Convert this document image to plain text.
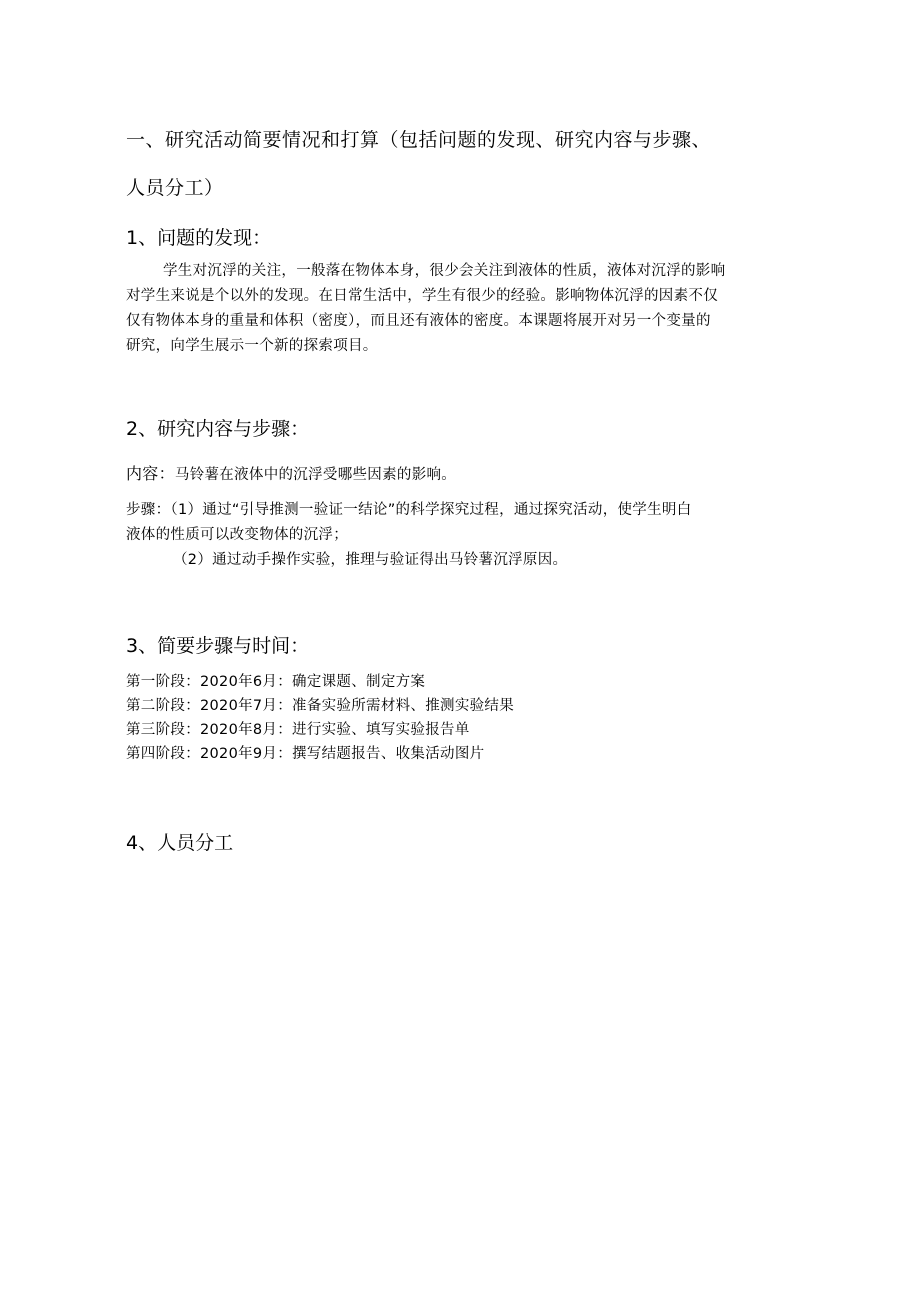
一、研究活动简要情况和打算（包括问题的发现、研究内容与步骤、
人员分工）
1、问题的发现：
学生对沉浮的关注，一般落在物体本身，很少会关注到液体的性质，液体对沉浮的影响
对学生来说是个以外的发现。在日常生活中，学生有很少的经验。影响物体沉浮的因素不仅
仅有物体本身的重量和体积（密度），而且还有液体的密度。本课题将展开对另一个变量的
研究，向学生展示一个新的探索项目。
2、研究内容与步骤：
内容：马铃薯在液体中的沉浮受哪些因素的影响。
步骤：（1）通过“引导推测一验证一结论”的科学探究过程，通过探究活动，使学生明白
液体的性质可以改变物体的沉浮；
（2）通过动手操作实验，推理与验证得出马铃薯沉浮原因。
3、简要步骤与时间：
第一阶段：2020年6月：确定课题、制定方案
第二阶段：2020年7月：准备实验所需材料、推测实验结果
第三阶段：2020年8月：进行实验、填写实验报告单
第四阶段：2020年9月：撰写结题报告、收集活动图片
4、人员分工
